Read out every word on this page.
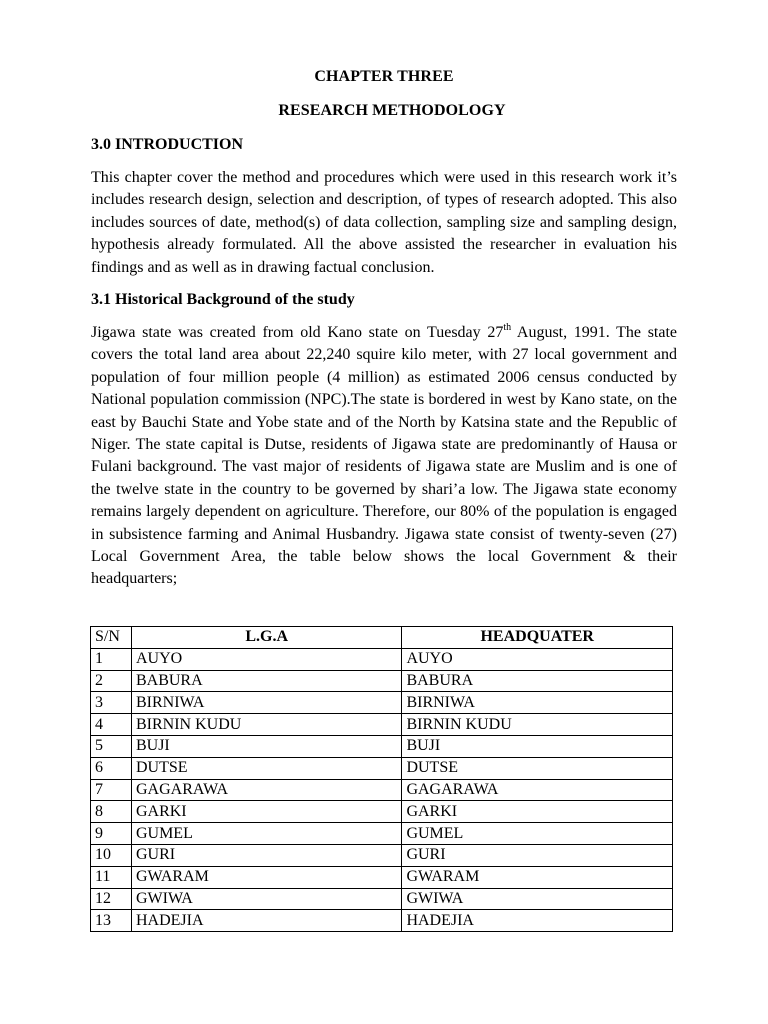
CHAPTER THREE
RESEARCH METHODOLOGY
3.0 INTRODUCTION

This chapter cover the method and procedures which were used in this research work it’s includes research design, selection and description, of types of research adopted. This also includes sources of date, method(s) of data collection, sampling size and sampling design, hypothesis already formulated. All the above assisted the researcher in evaluation his findings and as well as in drawing factual conclusion.

3.1 Historical Background of the study

Jigawa state was created from old Kano state on Tuesday 27th August, 1991. The state covers the total land area about 22,240 squire kilo meter, with 27 local government and population of four million people (4 million) as estimated 2006 census conducted by National population commission (NPC).The state is bordered in west by Kano state, on the east by Bauchi State and Yobe state and of the North by Katsina state and the Republic of Niger. The state capital is Dutse, residents of Jigawa state are predominantly of Hausa or Fulani background. The vast major of residents of Jigawa state are Muslim and is one of the twelve state in the country to be governed by shari’a low. The Jigawa state economy remains largely dependent on agriculture. Therefore, our 80% of the population is engaged in subsistence farming and Animal Husbandry. Jigawa state consist of twenty-seven (27) Local Government Area, the table below shows the local Government & their headquarters;

S/N	L.G.A	HEADQUATER
1	AUYO	AUYO
2	BABURA	BABURA
3	BIRNIWA	BIRNIWA
4	BIRNIN KUDU	BIRNIN KUDU
5	BUJI	BUJI
6	DUTSE	DUTSE
7	GAGARAWA	GAGARAWA
8	GARKI	GARKI
9	GUMEL	GUMEL
10	GURI	GURI
11	GWARAM	GWARAM
12	GWIWA	GWIWA
13	HADEJIA	HADEJIA
